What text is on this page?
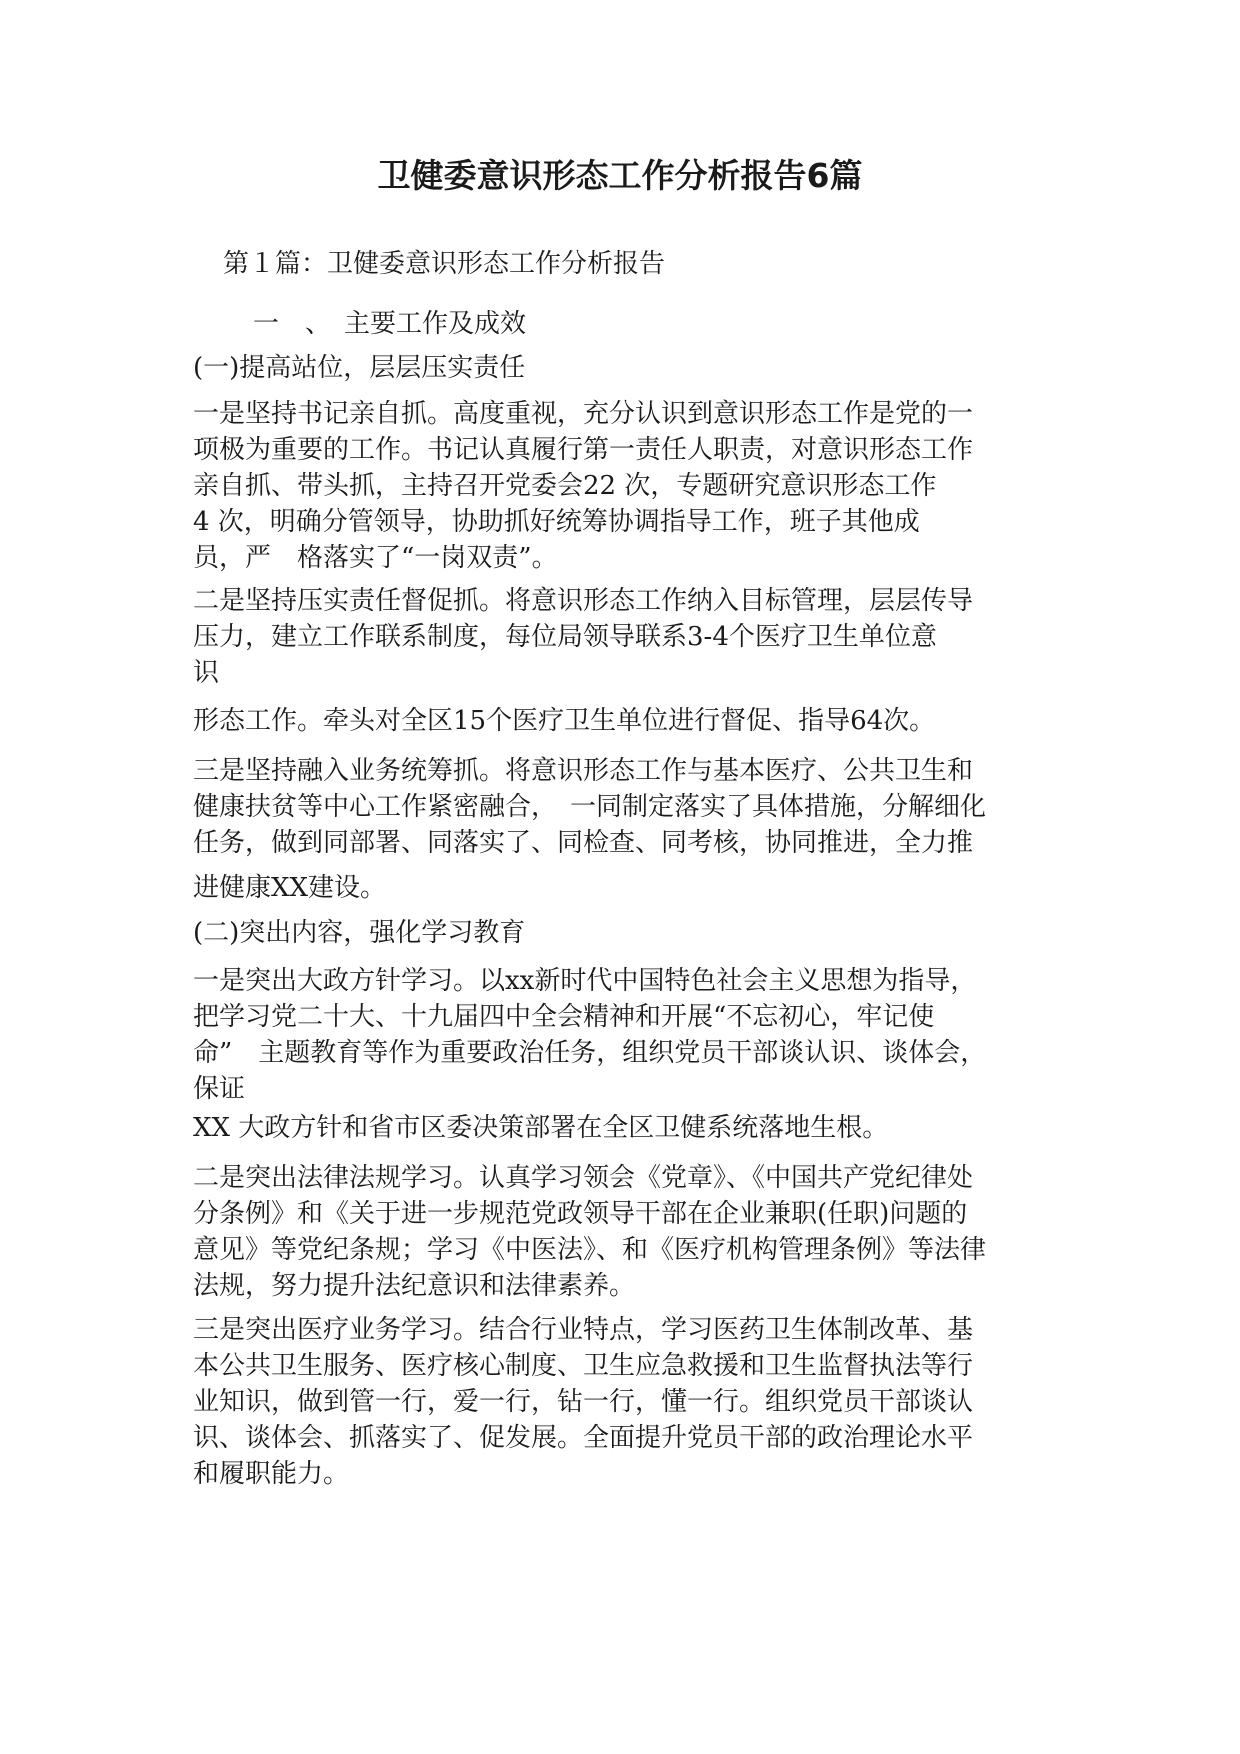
卫健委意识形态工作分析报告6篇
第１篇：卫健委意识形态工作分析报告
一　、　主要工作及成效
(一)提高站位，层层压实责任
一是坚持书记亲自抓。高度重视，充分认识到意识形态工作是党的一
项极为重要的工作。书记认真履行第一责任人职责，对意识形态工作
亲自抓、带头抓，主持召开党委会22 次，专题研究意识形态工作
4 次，明确分管领导，协助抓好统筹协调指导工作，班子其他成
员，严　格落实了“一岗双责”。
二是坚持压实责任督促抓。将意识形态工作纳入目标管理，层层传导
压力，建立工作联系制度，每位局领导联系3-4个医疗卫生单位意
识
形态工作。牵头对全区15个医疗卫生单位进行督促、指导64次。
三是坚持融入业务统筹抓。将意识形态工作与基本医疗、公共卫生和
健康扶贫等中心工作紧密融合，　一同制定落实了具体措施，分解细化
任务，做到同部署、同落实了、同检查、同考核，协同推进，全力推
进健康XX建设。
(二)突出内容，强化学习教育
一是突出大政方针学习。以xx新时代中国特色社会主义思想为指导，
把学习党二十大、十九届四中全会精神和开展“不忘初心，牢记使
命”　主题教育等作为重要政治任务，组织党员干部谈认识、谈体会，
保证
XX 大政方针和省市区委决策部署在全区卫健系统落地生根。
二是突出法律法规学习。认真学习领会《党章》、《中国共产党纪律处
分条例》和《关于进一步规范党政领导干部在企业兼职(任职)问题的
意见》等党纪条规；学习《中医法》、和《医疗机构管理条例》等法律
法规，努力提升法纪意识和法律素养。
三是突出医疗业务学习。结合行业特点，学习医药卫生体制改革、基
本公共卫生服务、医疗核心制度、卫生应急救援和卫生监督执法等行
业知识，做到管一行，爱一行，钻一行，懂一行。组织党员干部谈认
识、谈体会、抓落实了、促发展。全面提升党员干部的政治理论水平
和履职能力。
